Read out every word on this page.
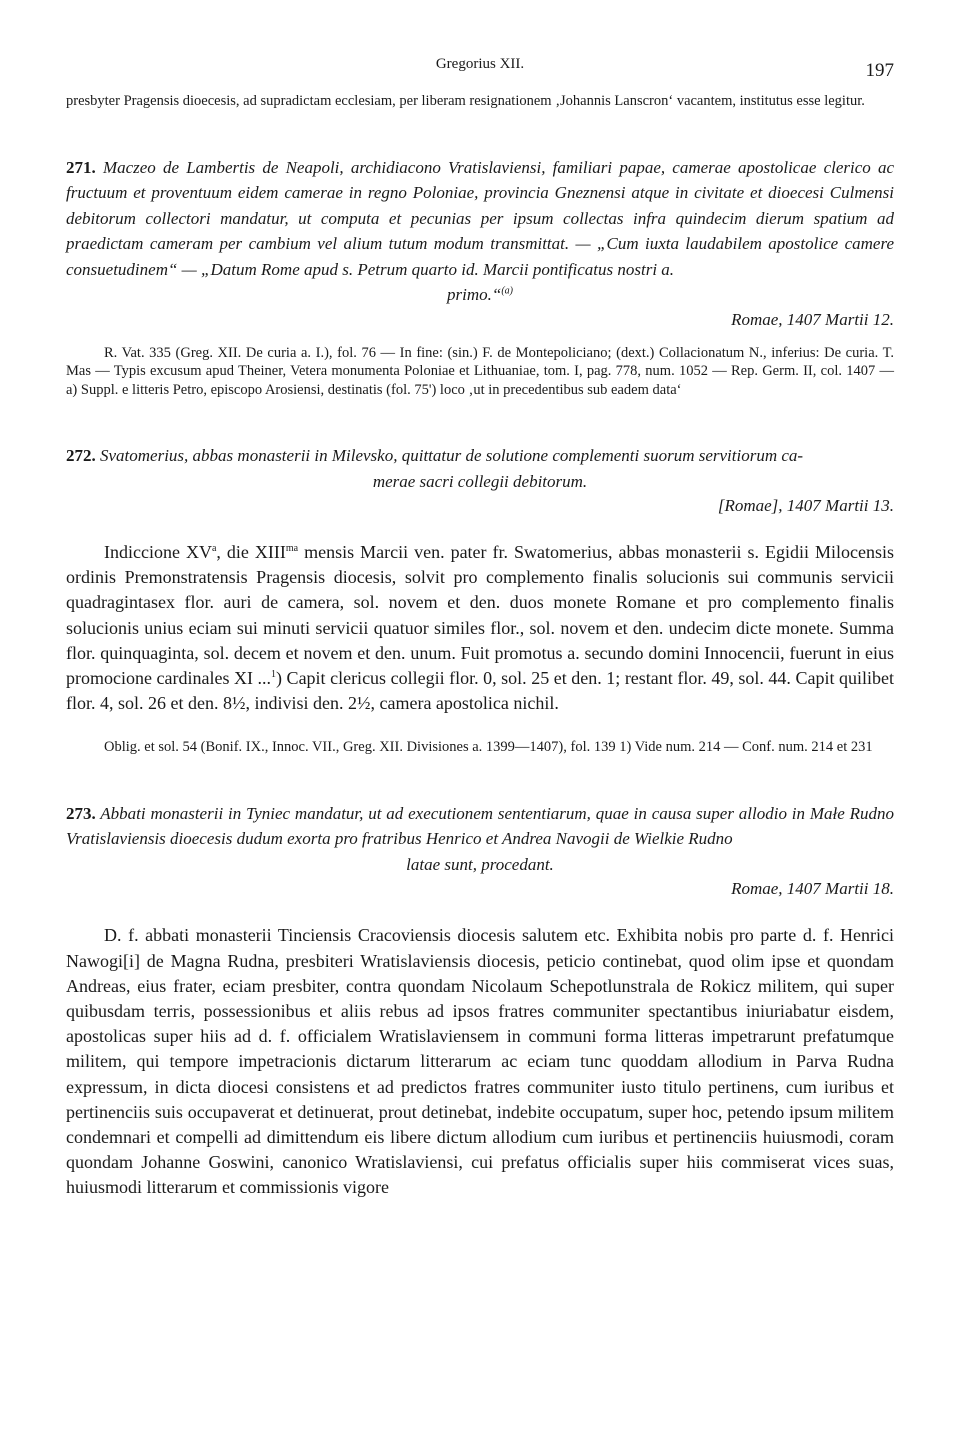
Gregorius XII.	197
presbyter Pragensis dioecesis, ad supradictam ecclesiam, per liberam resignationem ‚Johannis Lanscron‘ vacantem, institutus esse legitur.
271. Maczeo de Lambertis de Neapoli, archidiacono Vratislaviensi, familiari papae, camerae apostolicae clerico ac fructuum et proventuum eidem camerae in regno Poloniae, provincia Gneznensi atque in civitate et dioecesi Culmensi debitorum collectori mandatur, ut computa et pecunias per ipsum collectas infra quindecim dierum spatium ad praedictam cameram per cambium vel alium tutum modum transmittat. — „Cum iuxta laudabilem apostolice camere consuetudinem“ — „Datum Rome apud s. Petrum quarto id. Marcii pontificatus nostri a.
primo.“$^{(a)}$
Romae, 1407 Martii 12.
R. Vat. 335 (Greg. XII. De curia a. I.), fol. 76 — In fine: (sin.) F. de Montepoliciano; (dext.) Collacionatum N., inferius: De curia. T. Mas — Typis excusum apud Theiner, Vetera monumenta Poloniae et Lithuaniae, tom. I, pag. 778, num. 1052 — Rep. Germ. II, col. 1407 — a) Suppl. e litteris Petro, episcopo Arosiensi, destinatis (fol. 75') loco ‚ut in precedentibus sub eadem data‘
272. Svatomerius, abbas monasterii in Milevsko, quittatur de solutione complementi suorum servitiorum ca-
merae sacri collegii debitorum.
[Romae], 1407 Martii 13.
Indiccione $XV^a$, die $XIII^{ma}$ mensis Marcii ven. pater fr. Swatomerius, abbas monasterii s. Egidii Milocensis ordinis Premonstratensis Pragensis diocesis, solvit pro complemento finalis solucionis sui communis servicii quadragintasex flor. auri de camera, sol. novem et den. duos monete Romane et pro complemento finalis solucionis unius eciam sui minuti servicii quatuor similes flor., sol. novem et den. undecim dicte monete. Summa flor. quinquaginta, sol. decem et novem et den. unum. Fuit promotus a. secundo domini Innocencii, fuerunt in eius promocione cardinales XI ...$^1$) Capit clericus collegii flor. 0, sol. 25 et den. 1; restant flor. 49, sol. 44. Capit quilibet flor. 4, sol. 26 et den. 8½, indivisi den. 2½, camera apostolica nichil.
Oblig. et sol. 54 (Bonif. IX., Innoc. VII., Greg. XII. Divisiones a. 1399—1407), fol. 139 1) Vide num. 214 — Conf. num. 214 et 231
273. Abbati monasterii in Tyniec mandatur, ut ad executionem sententiarum, quae in causa super allodio in Małe Rudno Vratislaviensis dioecesis dudum exorta pro fratribus Henrico et Andrea Navogii de Wielkie Rudno
latae sunt, procedant.
Romae, 1407 Martii 18.
D. f. abbati monasterii Tinciensis Cracoviensis diocesis salutem etc. Exhibita nobis pro parte d. f. Henrici Nawogi[i] de Magna Rudna, presbiteri Wratislaviensis diocesis, peticio continebat, quod olim ipse et quondam Andreas, eius frater, eciam presbiter, contra quondam Nicolaum Schepotlunstrala de Rokicz militem, qui super quibusdam terris, possessionibus et aliis rebus ad ipsos fratres communiter spectantibus iniuriabatur eisdem, apostolicas super hiis ad d. f. officialem Wratislaviensem in communi forma litteras impetrarunt prefatumque militem, qui tempore impetracionis dictarum litterarum ac eciam tunc quoddam allodium in Parva Rudna expressum, in dicta diocesi consistens et ad predictos fratres communiter iusto titulo pertinens, cum iuribus et pertinenciis suis occupaverat et detinuerat, prout detinebat, indebite occupatum, super hoc, petendo ipsum militem condemnari et compelli ad dimittendum eis libere dictum allodium cum iuribus et pertinenciis huiusmodi, coram quondam Johanne Goswini, canonico Wratislaviensi, cui prefatus officialis super hiis commiserat vices suas, huiusmodi litterarum et commissionis vigore
